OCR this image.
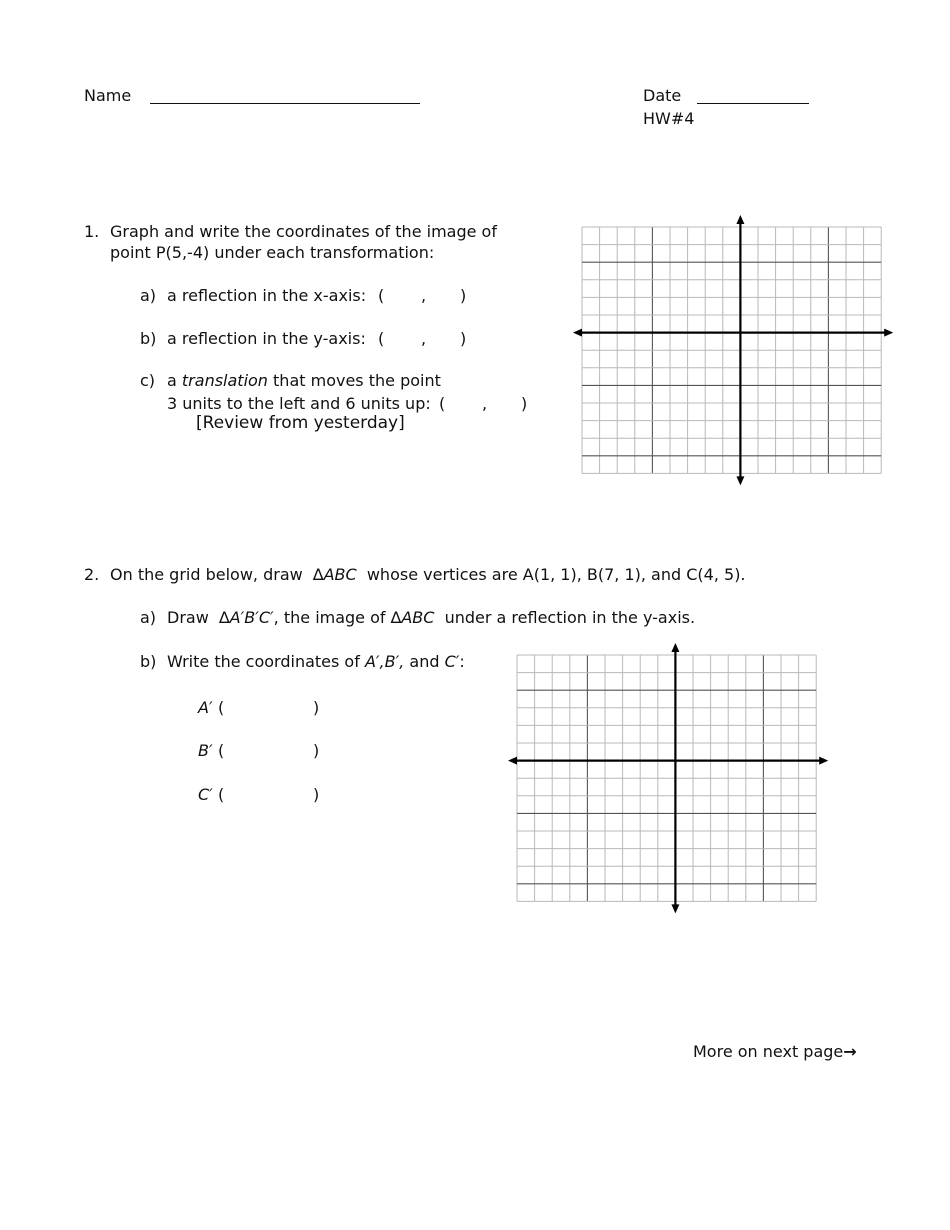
Name	Date
HW#4
1. Graph and write the coordinates of the image of
point P(5,-4) under each transformation:
a) a reflection in the x-axis: ( , )
b) a reflection in the y-axis: ( , )
c) a translation that moves the point
3 units to the left and 6 units up: ( , )
[Review from yesterday]
2. On the grid below, draw ∆ABC whose vertices are A(1, 1), B(7, 1), and C(4, 5).
a) Draw ∆A′B′C′, the image of ∆ABC under a reflection in the y-axis.
b) Write the coordinates of A′,B′, and C′:
A′ (	)
B′ (	)
C′ (	)
More on next page→
